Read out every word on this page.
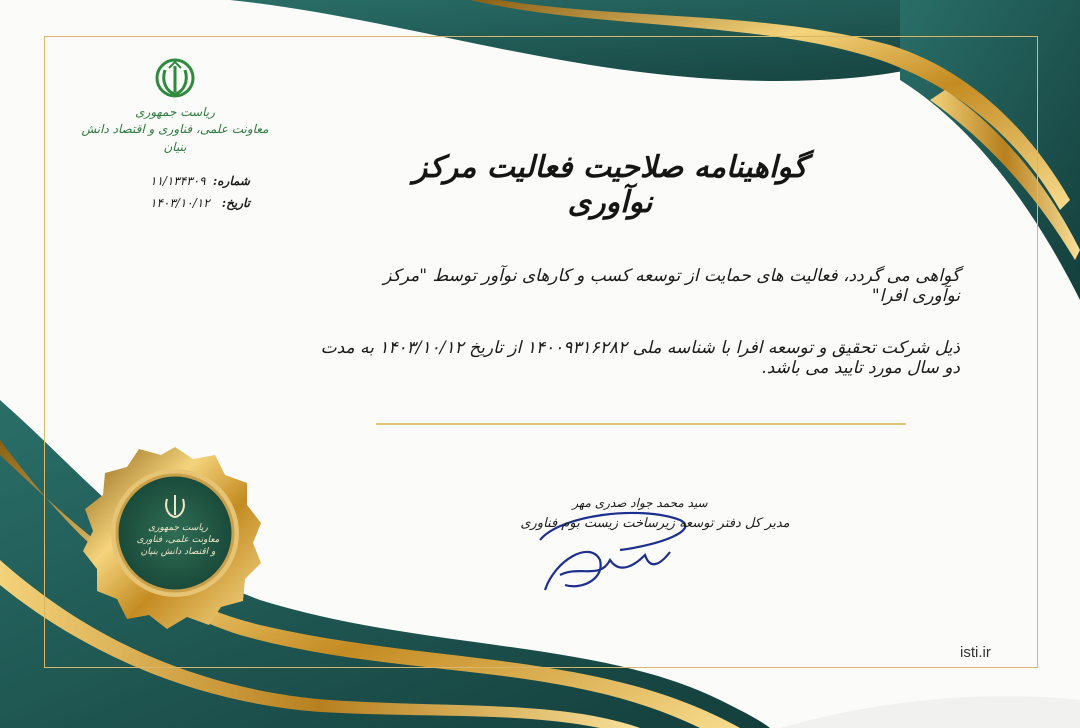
ریاست جمهوری
معاونت علمی، فناوری و اقتصاد دانش بنیان
شماره:
۱۱/۱۳۴۳۰۹
تاریخ:
۱۴۰۳/۱۰/۱۲
گواهینامه صلاحیت فعالیت مرکز نوآوری
گواهی می گردد، فعالیت های حمایت از توسعه کسب و کارهای نوآور توسط "مرکز نوآوری افرا"
ذیل شرکت تحقیق و توسعه افرا با شناسه ملی ۱۴۰۰۹۳۱۶۲۸۲ از تاریخ ۱۴۰۳/۱۰/۱۲ به مدت دو سال مورد تایید می باشد.
سید محمد جواد صدری مهر
مدیر کل دفتر توسعه زیرساخت زیست بوم فناوری
ریاست جمهوری
معاونت علمی، فناوری
و اقتصاد دانش بنیان
isti.ir
